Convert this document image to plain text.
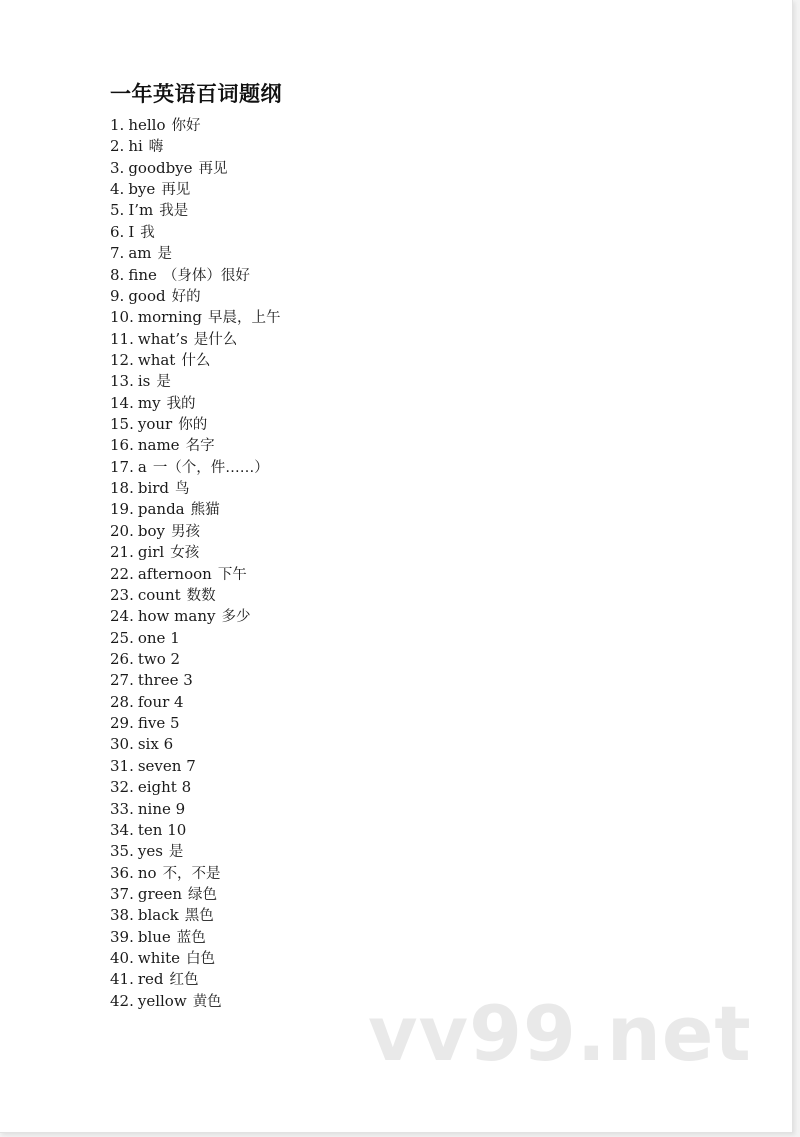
一年英语百词题纲
1. hello 你好
2. hi 嗨
3. goodbye 再见
4. bye 再见
5. I’m 我是
6. I 我
7. am 是
8. fine （身体）很好
9. good 好的
10. morning 早晨，上午
11. what’s 是什么
12. what 什么
13. is 是
14. my 我的
15. your 你的
16. name 名字
17. a 一（个，件……）
18. bird 鸟
19. panda 熊猫
20. boy 男孩
21. girl 女孩
22. afternoon 下午
23. count 数数
24. how many 多少
25. one 1
26. two 2
27. three 3
28. four 4
29. five 5
30. six 6
31. seven 7
32. eight 8
33. nine 9
34. ten 10
35. yes 是
36. no 不，不是
37. green 绿色
38. black 黑色
39. blue 蓝色
40. white 白色
41. red 红色
42. yellow 黄色	vv99.net
